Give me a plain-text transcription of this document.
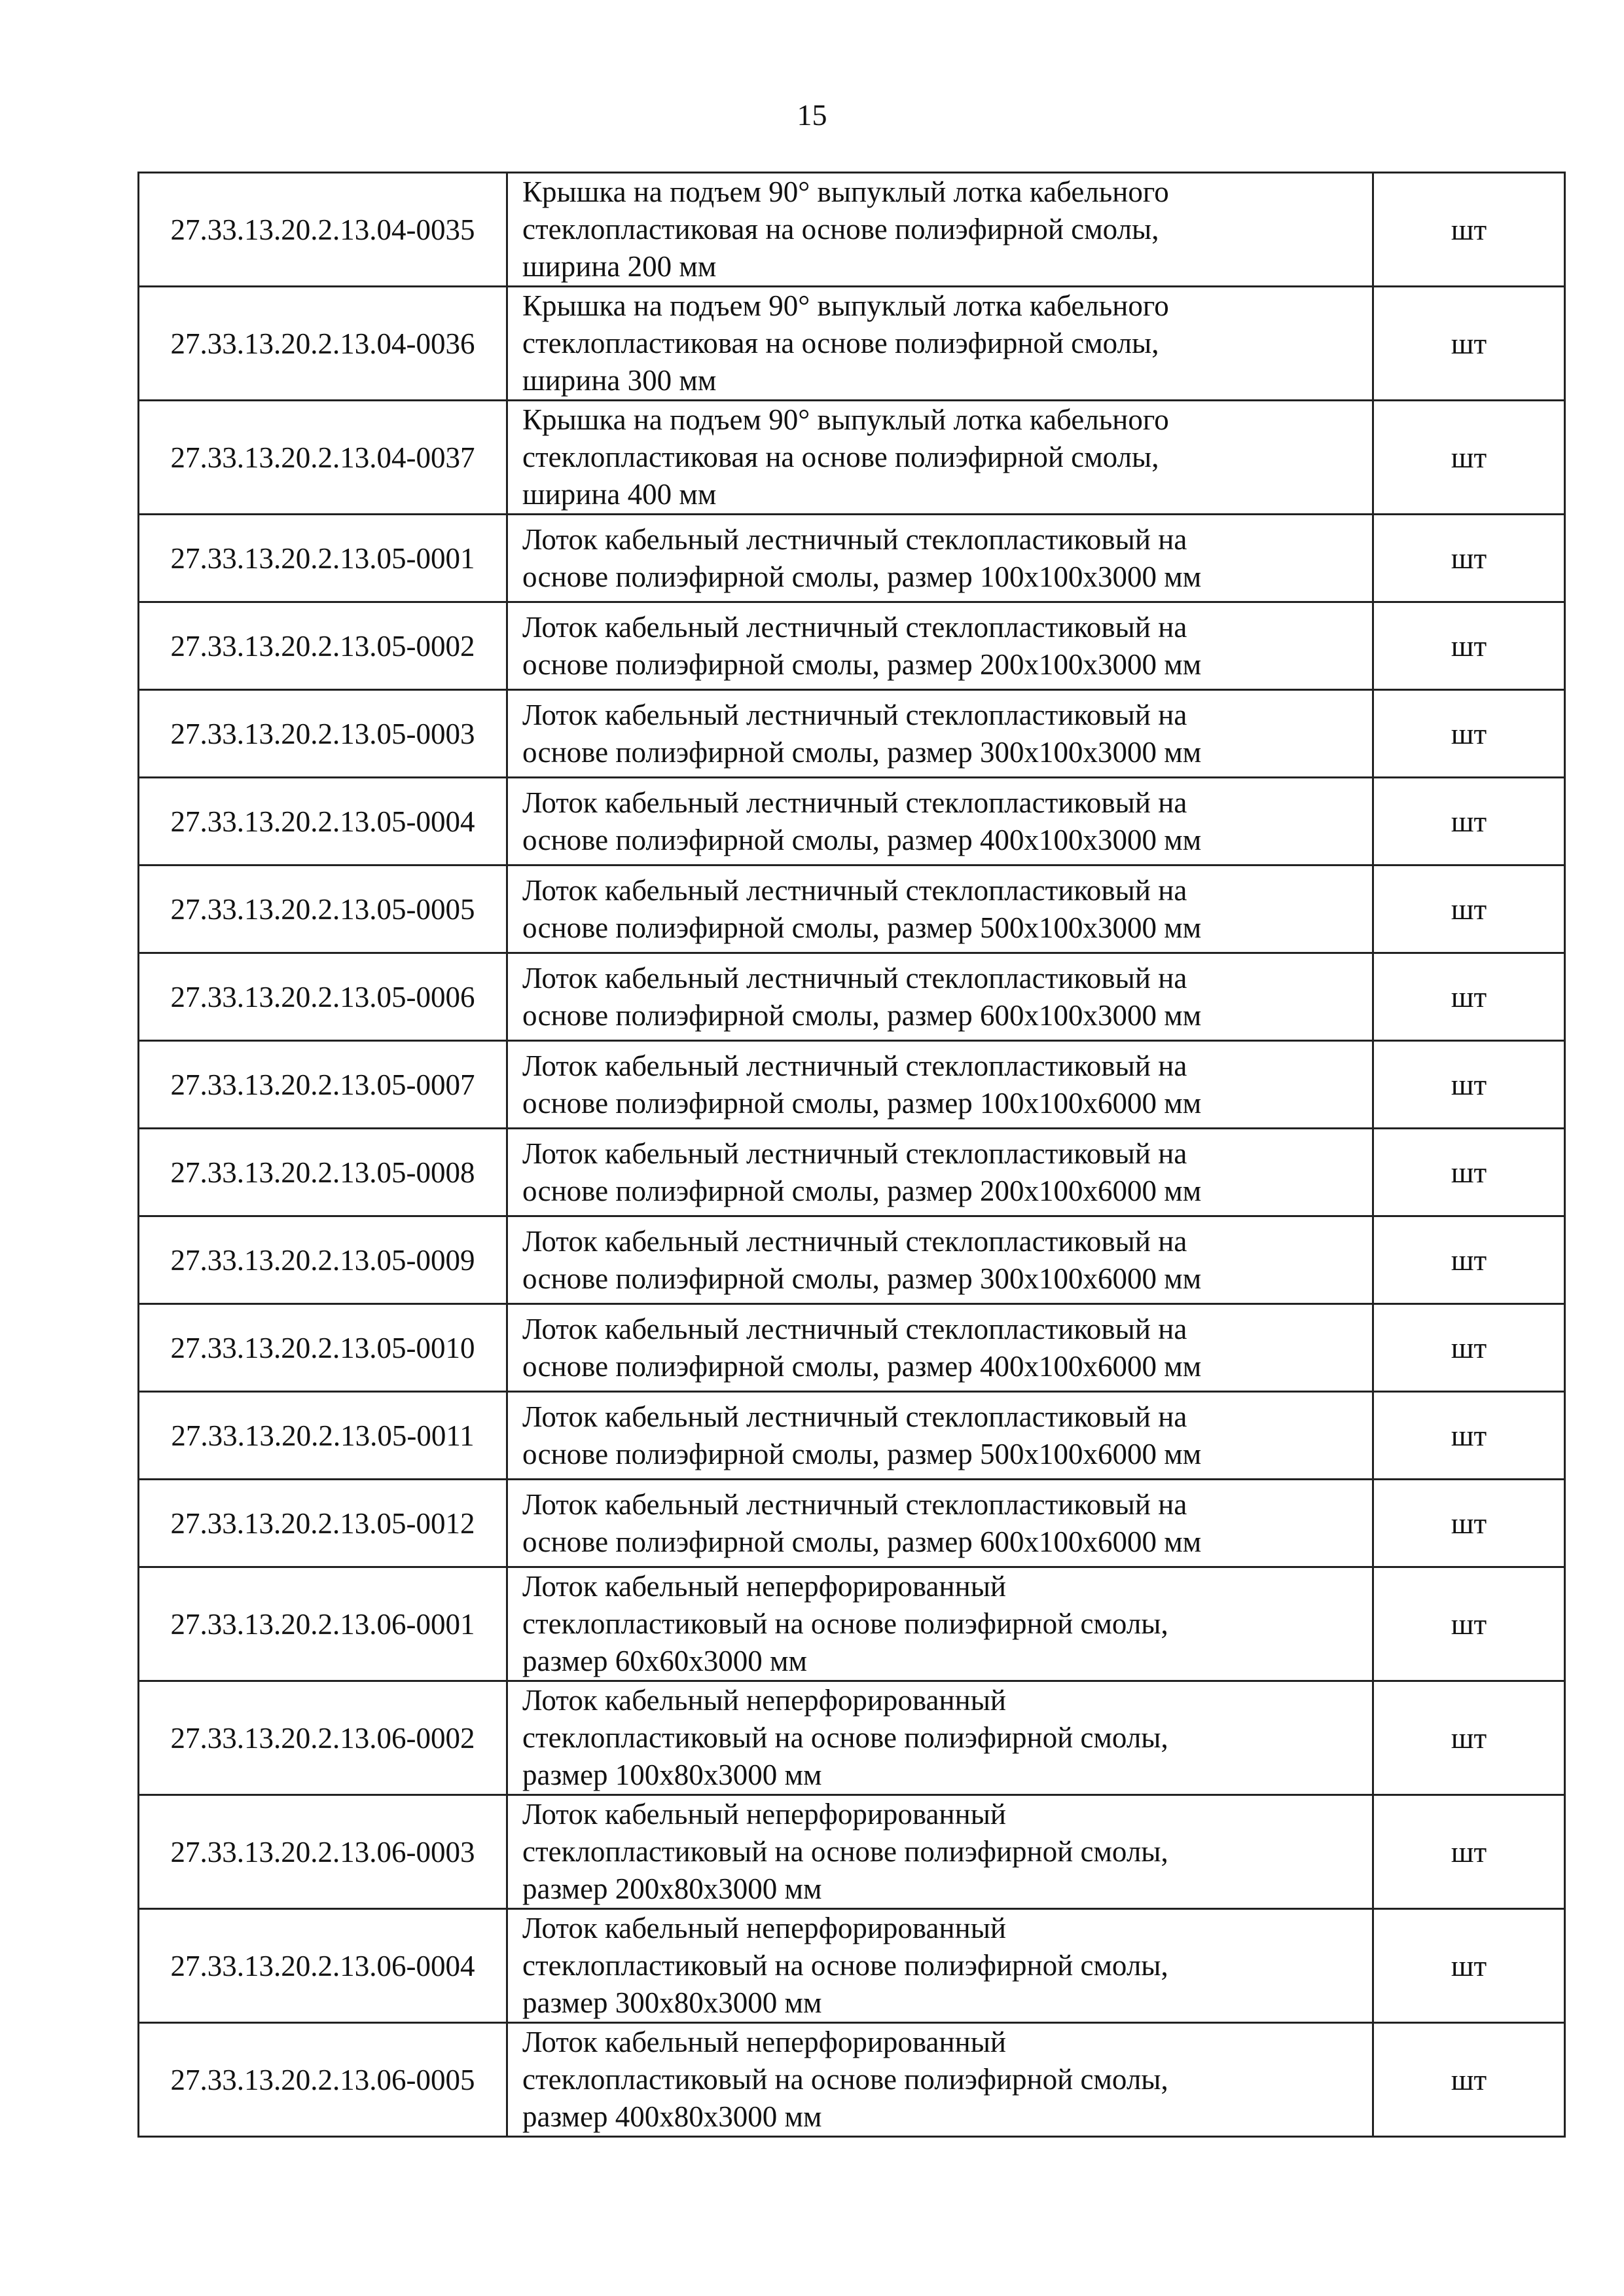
15
27.33.13.20.2.13.04-0035	Крышка на подъем 90° выпуклый лотка кабельного
стеклопластиковая на основе полиэфирной смолы,
ширина 200 мм	шт
27.33.13.20.2.13.04-0036	Крышка на подъем 90° выпуклый лотка кабельного
стеклопластиковая на основе полиэфирной смолы,
ширина 300 мм	шт
27.33.13.20.2.13.04-0037	Крышка на подъем 90° выпуклый лотка кабельного
стеклопластиковая на основе полиэфирной смолы,
ширина 400 мм	шт
27.33.13.20.2.13.05-0001	Лоток кабельный лестничный стеклопластиковый на
основе полиэфирной смолы, размер 100x100x3000 мм	шт
27.33.13.20.2.13.05-0002	Лоток кабельный лестничный стеклопластиковый на
основе полиэфирной смолы, размер 200x100x3000 мм	шт
27.33.13.20.2.13.05-0003	Лоток кабельный лестничный стеклопластиковый на
основе полиэфирной смолы, размер 300x100x3000 мм	шт
27.33.13.20.2.13.05-0004	Лоток кабельный лестничный стеклопластиковый на
основе полиэфирной смолы, размер 400x100x3000 мм	шт
27.33.13.20.2.13.05-0005	Лоток кабельный лестничный стеклопластиковый на
основе полиэфирной смолы, размер 500x100x3000 мм	шт
27.33.13.20.2.13.05-0006	Лоток кабельный лестничный стеклопластиковый на
основе полиэфирной смолы, размер 600x100x3000 мм	шт
27.33.13.20.2.13.05-0007	Лоток кабельный лестничный стеклопластиковый на
основе полиэфирной смолы, размер 100x100x6000 мм	шт
27.33.13.20.2.13.05-0008	Лоток кабельный лестничный стеклопластиковый на
основе полиэфирной смолы, размер 200x100x6000 мм	шт
27.33.13.20.2.13.05-0009	Лоток кабельный лестничный стеклопластиковый на
основе полиэфирной смолы, размер 300x100x6000 мм	шт
27.33.13.20.2.13.05-0010	Лоток кабельный лестничный стеклопластиковый на
основе полиэфирной смолы, размер 400x100x6000 мм	шт
27.33.13.20.2.13.05-0011	Лоток кабельный лестничный стеклопластиковый на
основе полиэфирной смолы, размер 500x100x6000 мм	шт
27.33.13.20.2.13.05-0012	Лоток кабельный лестничный стеклопластиковый на
основе полиэфирной смолы, размер 600x100x6000 мм	шт
27.33.13.20.2.13.06-0001	Лоток кабельный неперфорированный
стеклопластиковый на основе полиэфирной смолы,
размер 60x60x3000 мм	шт
27.33.13.20.2.13.06-0002	Лоток кабельный неперфорированный
стеклопластиковый на основе полиэфирной смолы,
размер 100x80x3000 мм	шт
27.33.13.20.2.13.06-0003	Лоток кабельный неперфорированный
стеклопластиковый на основе полиэфирной смолы,
размер 200x80x3000 мм	шт
27.33.13.20.2.13.06-0004	Лоток кабельный неперфорированный
стеклопластиковый на основе полиэфирной смолы,
размер 300x80x3000 мм	шт
27.33.13.20.2.13.06-0005	Лоток кабельный неперфорированный
стеклопластиковый на основе полиэфирной смолы,
размер 400x80x3000 мм	шт
